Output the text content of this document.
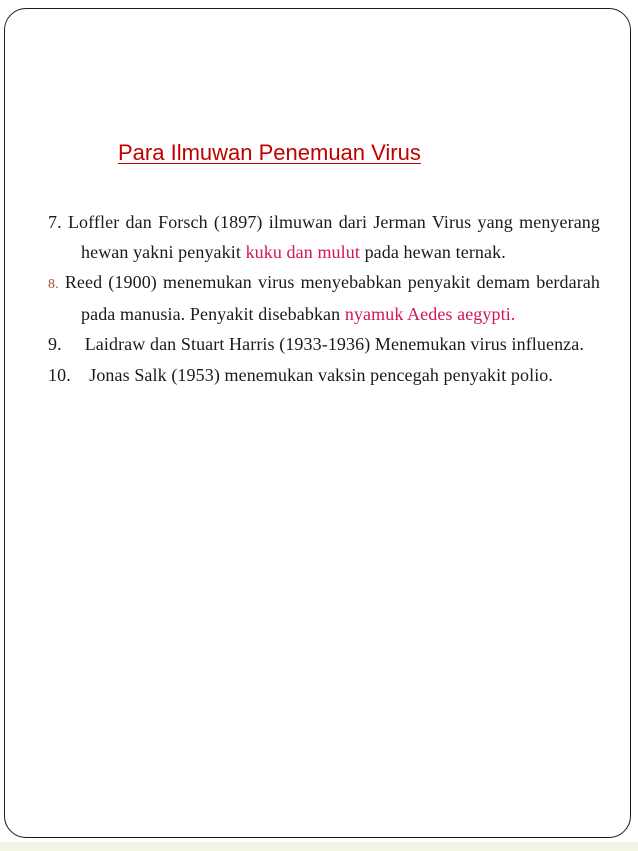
Para Ilmuwan Penemuan Virus
7. Loffler dan Forsch (1897) ilmuwan dari Jerman Virus yang menyerang hewan yakni penyakit kuku dan mulut pada hewan ternak.
8. Reed (1900) menemukan virus menyebabkan penyakit demam berdarah pada manusia. Penyakit disebabkan nyamuk Aedes aegypti.
9. Laidraw dan Stuart Harris (1933-1936) Menemukan virus influenza.
10. Jonas Salk (1953) menemukan vaksin pencegah penyakit polio.
